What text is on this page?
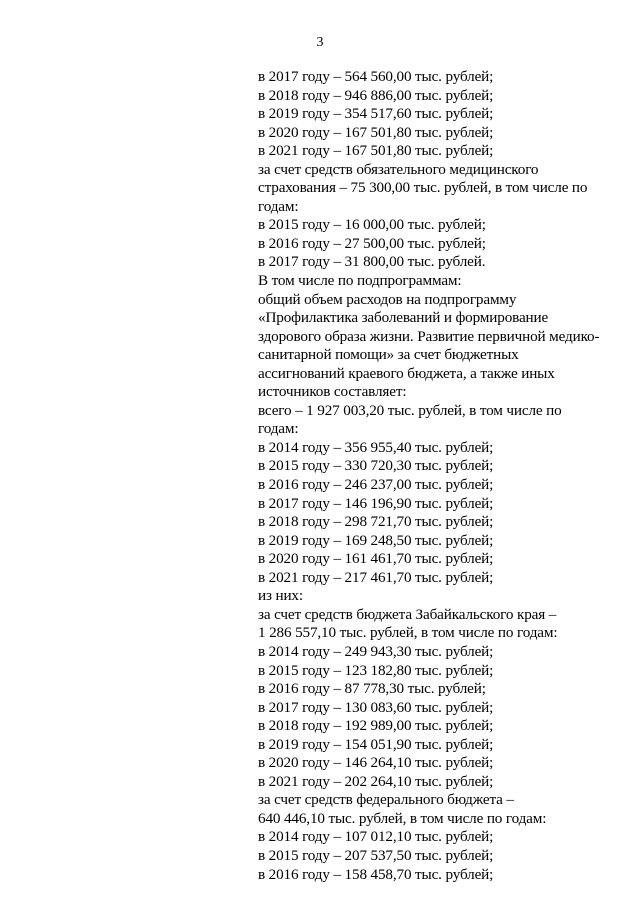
3
в 2017 году – 564 560,00 тыс. рублей;
в 2018 году – 946 886,00 тыс. рублей;
в 2019 году – 354 517,60 тыс. рублей;
в 2020 году – 167 501,80 тыс. рублей;
в 2021 году – 167 501,80 тыс. рублей;
за счет средств обязательного медицинского
страхования – 75 300,00 тыс. рублей, в том числе по
годам:
в 2015 году – 16 000,00 тыс. рублей;
в 2016 году – 27 500,00 тыс. рублей;
в 2017 году – 31 800,00 тыс. рублей.
В том числе по подпрограммам:
общий объем расходов на подпрограмму
«Профилактика заболеваний и формирование
здорового образа жизни. Развитие первичной медико-
санитарной помощи» за счет бюджетных
ассигнований краевого бюджета, а также иных
источников составляет:
всего – 1 927 003,20 тыс. рублей, в том числе по
годам:
в 2014 году – 356 955,40 тыс. рублей;
в 2015 году – 330 720,30 тыс. рублей;
в 2016 году – 246 237,00 тыс. рублей;
в 2017 году – 146 196,90 тыс. рублей;
в 2018 году – 298 721,70 тыс. рублей;
в 2019 году – 169 248,50 тыс. рублей;
в 2020 году – 161 461,70 тыс. рублей;
в 2021 году – 217 461,70 тыс. рублей;
из них:
за счет средств бюджета Забайкальского края –
1 286 557,10 тыс. рублей, в том числе по годам:
в 2014 году – 249 943,30 тыс. рублей;
в 2015 году – 123 182,80 тыс. рублей;
в 2016 году – 87 778,30 тыс. рублей;
в 2017 году – 130 083,60 тыс. рублей;
в 2018 году – 192 989,00 тыс. рублей;
в 2019 году – 154 051,90 тыс. рублей;
в 2020 году – 146 264,10 тыс. рублей;
в 2021 году – 202 264,10 тыс. рублей;
за счет средств федерального бюджета –
640 446,10 тыс. рублей, в том числе по годам:
в 2014 году – 107 012,10 тыс. рублей;
в 2015 году – 207 537,50 тыс. рублей;
в 2016 году – 158 458,70 тыс. рублей;
